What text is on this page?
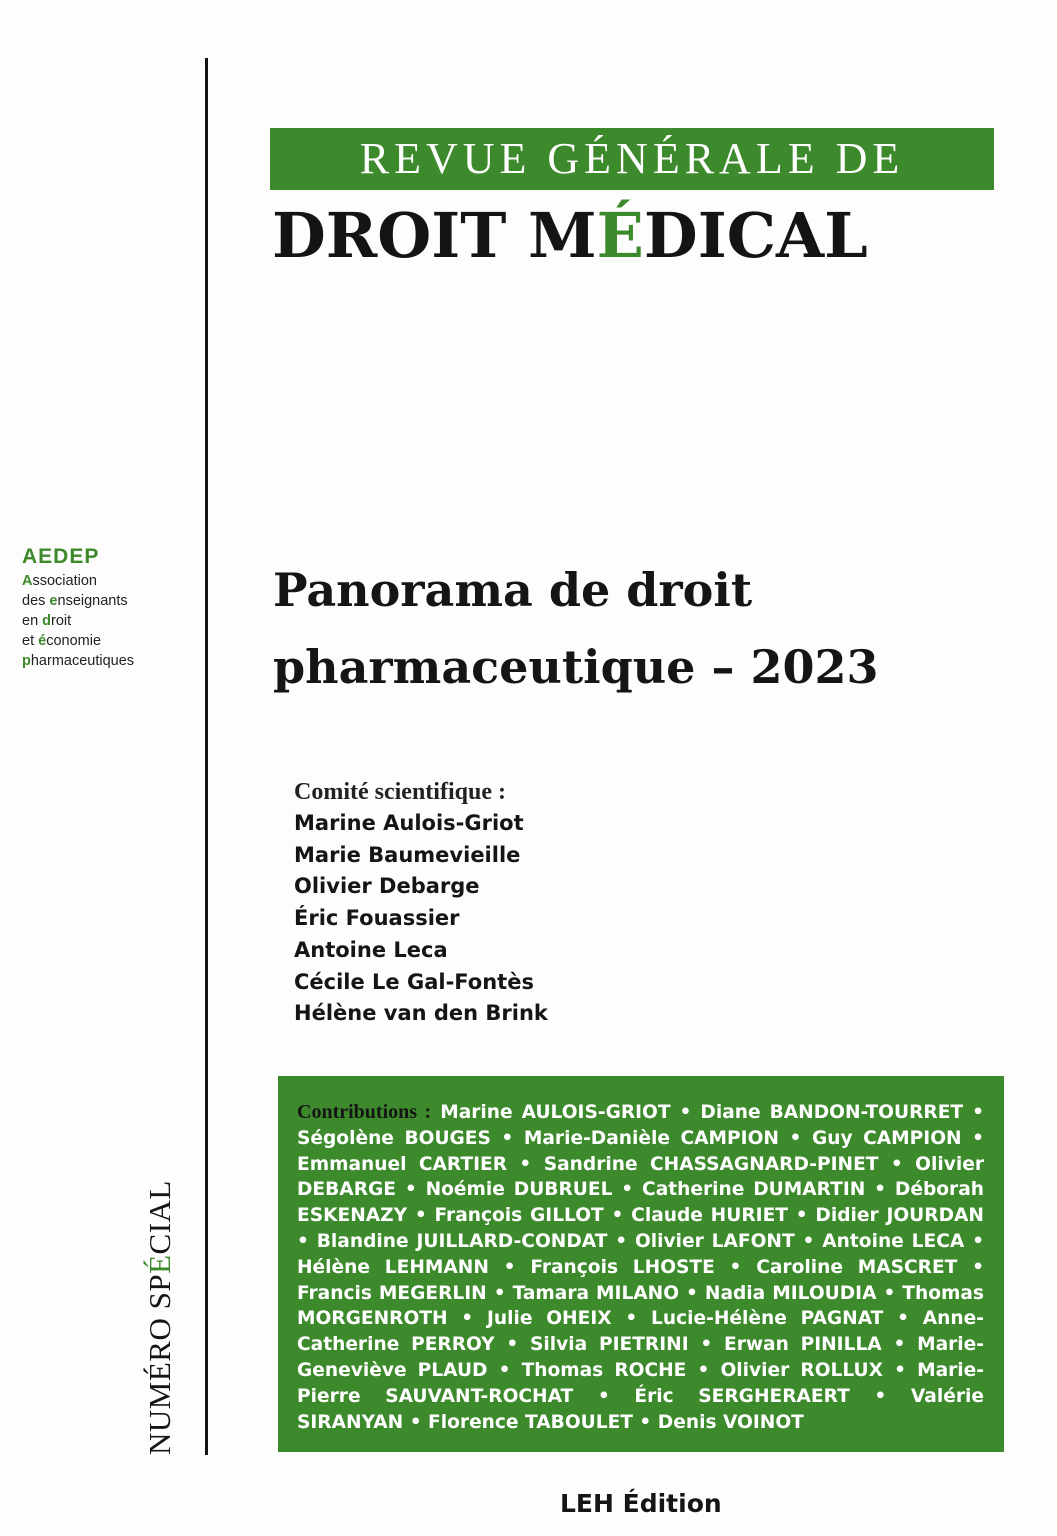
REVUE GÉNÉRALE DE
DROIT MÉDICAL
AEDEP
Association
des enseignants
en droit
et économie
pharmaceutiques
Panorama de droit
pharmaceutique – 2023
Comité scientifique :
Marine Aulois-Griot
Marie Baumevieille
Olivier Debarge
Éric Fouassier
Antoine Leca
Cécile Le Gal-Fontès
Hélène van den Brink
Contributions : Marine AULOIS-GRIOT • Diane BANDON-TOURRET • Ségolène BOUGES • Marie-Danièle CAMPION • Guy CAMPION • Emmanuel CARTIER • Sandrine CHASSAGNARD-PINET • Olivier DEBARGE • Noémie DUBRUEL • Catherine DUMARTIN • Déborah ESKENAZY • François GILLOT • Claude HURIET • Didier JOURDAN • Blandine JUILLARD-CONDAT • Olivier LAFONT • Antoine LECA • Hélène LEHMANN • François LHOSTE • Caroline MASCRET • Francis MEGERLIN • Tamara MILANO • Nadia MILOUDIA • Thomas MORGENROTH • Julie OHEIX • Lucie-Hélène PAGNAT • Anne-Catherine PERROY • Silvia PIETRINI • Erwan PINILLA • Marie-Geneviève PLAUD • Thomas ROCHE • Olivier ROLLUX • Marie-Pierre SAUVANT-ROCHAT • Éric SERGHERAERT • Valérie SIRANYAN • Florence TABOULET • Denis VOINOT
NUMÉRO SPÉCIAL
LEH Édition
